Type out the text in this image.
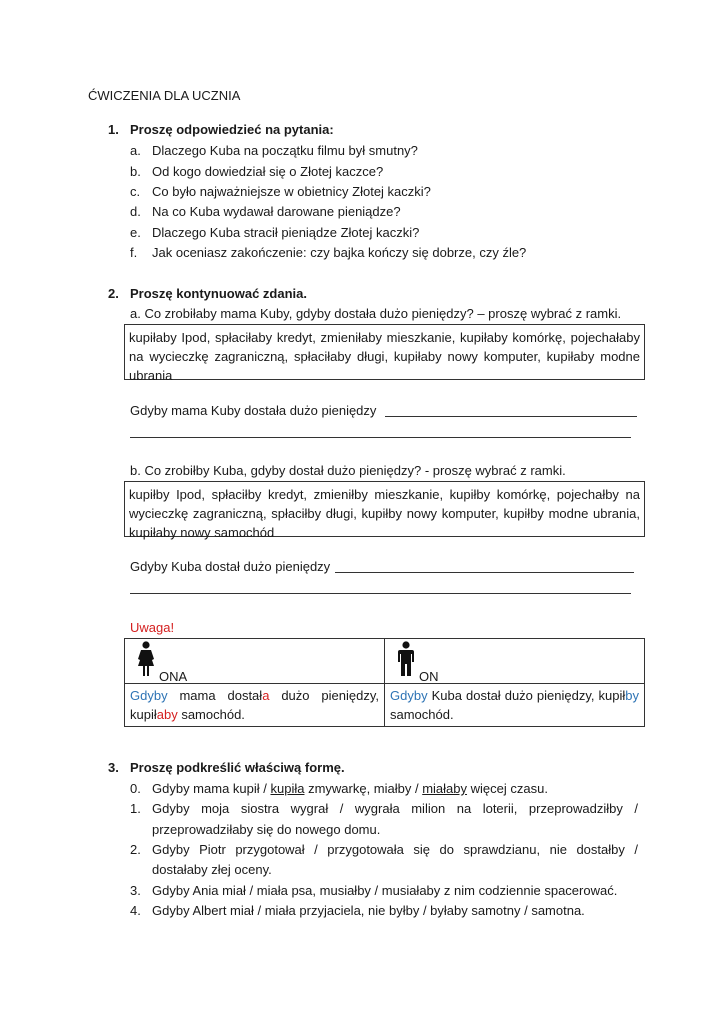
ĆWICZENIA DLA UCZNIA
1. Proszę odpowiedzieć na pytania:
a. Dlaczego Kuba na początku filmu był smutny?
b. Od kogo dowiedział się o Złotej kaczce?
c. Co było najważniejsze w obietnicy Złotej kaczki?
d. Na co Kuba wydawał darowane pieniądze?
e. Dlaczego Kuba stracił pieniądze Złotej kaczki?
f. Jak oceniasz zakończenie: czy bajka kończy się dobrze, czy źle?
2. Proszę kontynuować zdania.
a. Co zrobiłaby mama Kuby, gdyby dostała dużo pieniędzy? – proszę wybrać z ramki.
kupiłaby Ipod, spłaciłaby kredyt, zmieniłaby mieszkanie, kupiłaby komórkę, pojechałaby na wycieczkę zagraniczną, spłaciłaby długi, kupiłaby nowy komputer, kupiłaby modne ubrania
Gdyby mama Kuby dostała dużo pieniędzy
b. Co zrobiłby Kuba, gdyby dostał dużo pieniędzy? - proszę wybrać z ramki.
kupiłby Ipod, spłaciłby kredyt, zmieniłby mieszkanie, kupiłby komórkę, pojechałby na wycieczkę zagraniczną, spłaciłby długi, kupiłby nowy komputer, kupiłby modne ubrania, kupiłaby nowy samochód
Gdyby Kuba dostał dużo pieniędzy
Uwaga!
ONA	ON

Gdyby mama dostała dużo pieniędzy, kupiłaby samochód.	Gdyby Kuba dostał dużo pieniędzy, kupiłby samochód.
3. Proszę podkreślić właściwą formę.
0. Gdyby mama kupił / kupiła zmywarkę, miałby / miałaby więcej czasu.
1. Gdyby moja siostra wygrał / wygrała milion na loterii, przeprowadziłby /
przeprowadziłaby się do nowego domu.
2. Gdyby Piotr przygotował / przygotowała się do sprawdzianu, nie dostałby /
dostałaby złej oceny.
3. Gdyby Ania miał / miała psa, musiałby / musiałaby z nim codziennie spacerować.
4. Gdyby Albert miał / miała przyjaciela, nie byłby / byłaby samotny / samotna.
